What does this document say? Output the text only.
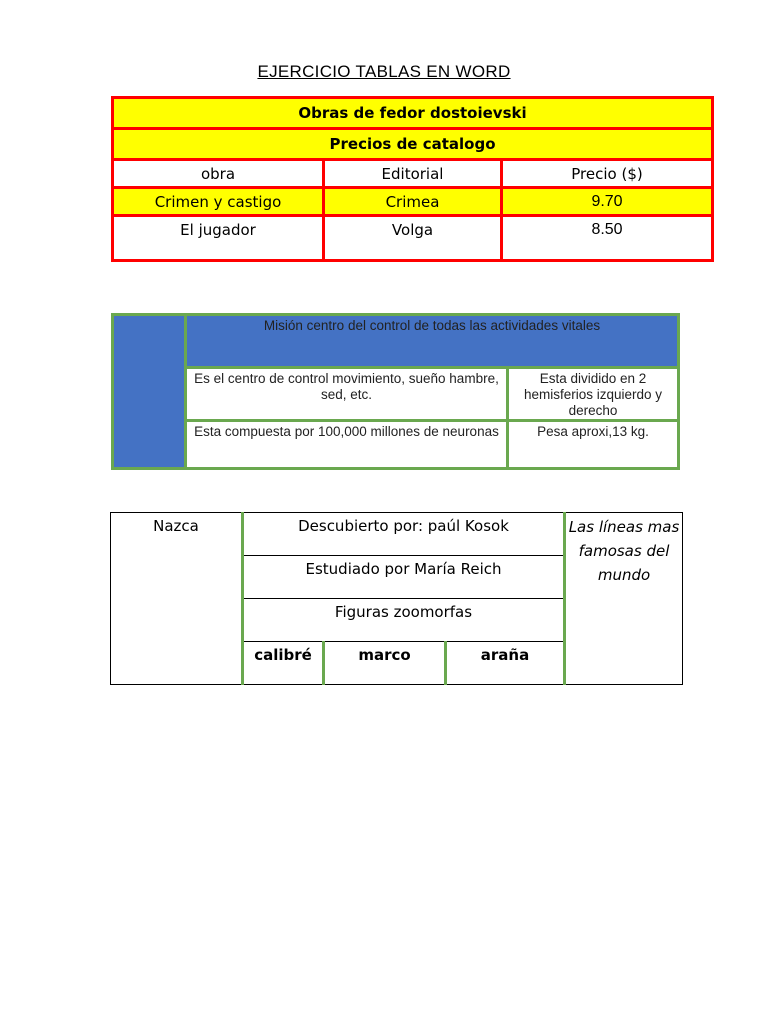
EJERCICIO TABLAS EN WORD
Obras de fedor dostoievski		
Precios de catalogo		
obra	Editorial	Precio ($)
Crimen y castigo	Crimea	9.70
El jugador	Volga	8.50
	Misión centro del control de todas las actividades vitales	
	Es el centro de control movimiento, sueño hambre, sed, etc.	Esta dividido en 2 hemisferios izquierdo y derecho
	Esta compuesta por 100,000 millones de neuronas	Pesa aproxi,13 kg.
Nazca	Descubierto por: paúl Kosok			Las líneas mas famosas del mundo
	Estudiado por María Reich			
	Figuras zoomorfas			
	calibré	marco	araña	
